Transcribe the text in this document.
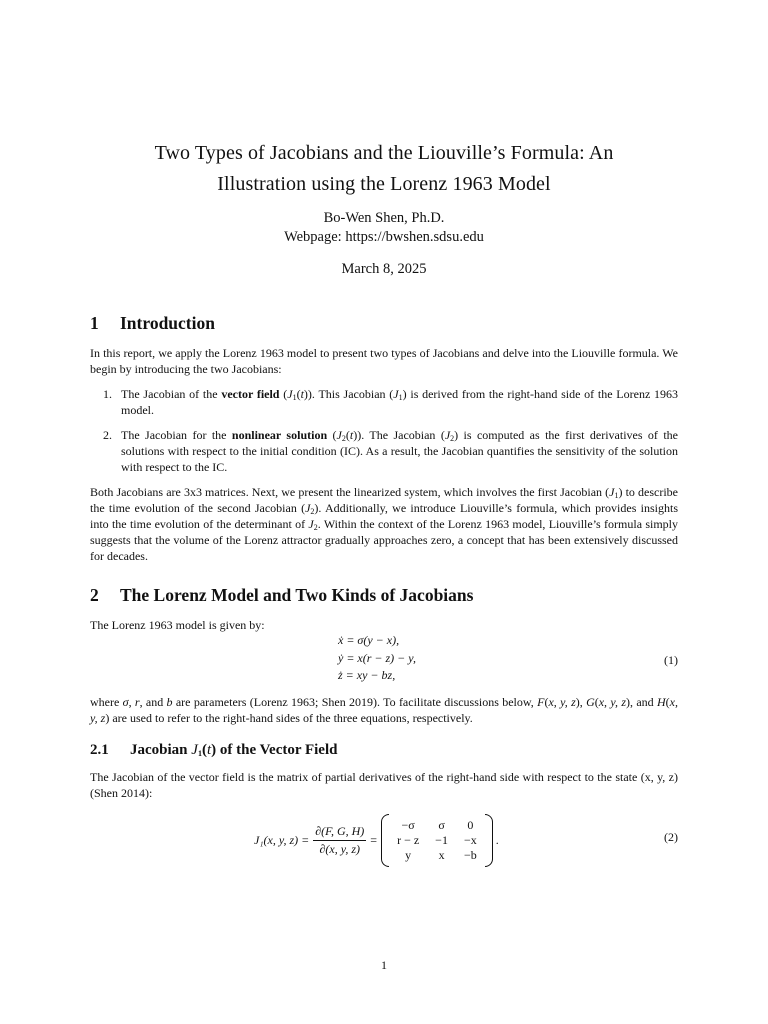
Two Types of Jacobians and the Liouville’s Formula: An
Illustration using the Lorenz 1963 Model
Bo-Wen Shen, Ph.D.
Webpage: https://bwshen.sdsu.edu
March 8, 2025
1 Introduction
In this report, we apply the Lorenz 1963 model to present two types of Jacobians and delve into the Liouville formula. We begin by introducing the two Jacobians:
1. The Jacobian of the vector field $(J_1(t))$. This Jacobian $(J_1)$ is derived from the right-hand side of the Lorenz 1963 model.
2. The Jacobian for the nonlinear solution $(J_2(t))$. The Jacobian $(J_2)$ is computed as the first derivatives of the solutions with respect to the initial condition (IC). As a result, the Jacobian quantifies the sensitivity of the solution with respect to the IC.
Both Jacobians are 3x3 matrices. Next, we present the linearized system, which involves the first Jacobian $(J_1)$ to describe the time evolution of the second Jacobian $(J_2)$. Additionally, we introduce Liouville’s formula, which provides insights into the time evolution of the determinant of $J_2$. Within the context of the Lorenz 1963 model, Liouville’s formula simply suggests that the volume of the Lorenz attractor gradually approaches zero, a concept that has been extensively discussed for decades.
2 The Lorenz Model and Two Kinds of Jacobians
The Lorenz 1963 model is given by:
ẋ = σ(y − x),
ẏ = x(r − z) − y,
ż = xy − bz,
(1)
where σ, r, and b are parameters (Lorenz 1963; Shen 2019). To facilitate discussions below, F(x, y, z), G(x, y, z), and H(x, y, z) are used to refer to the right-hand sides of the three equations, respectively.
2.1 Jacobian $J_1(t)$ of the Vector Field
The Jacobian of the vector field is the matrix of partial derivatives of the right-hand side with respect to the state (x, y, z) (Shen 2014):
J₁(x, y, $z) = \frac{\partial(F, G, H)}{\partial(x, y, z)}$ =
−σ	σ	0
r − z	−1	−x
y	x	−b
.	(2)
1
